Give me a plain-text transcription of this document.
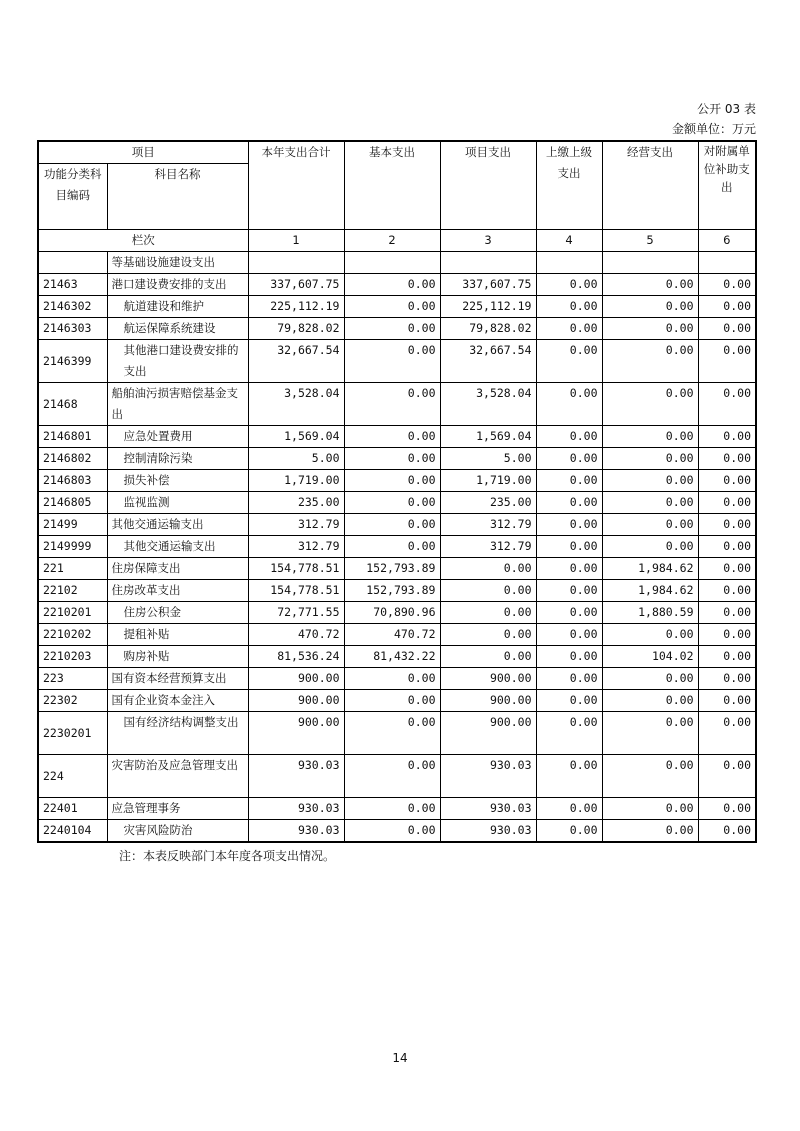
公开 03 表
金额单位：万元
项目		本年支出合计	基本支出	项目支出	上缴上级支出	经营支出	对附属单位补助支出
功能分类科目编码	科目名称						
栏次		1	2	3	4	5	6
	等基础设施建设支出						
21463	港口建设费安排的支出	337,607.75	0.00	337,607.75	0.00	0.00	0.00
2146302	航道建设和维护	225,112.19	0.00	225,112.19	0.00	0.00	0.00
2146303	航运保障系统建设	79,828.02	0.00	79,828.02	0.00	0.00	0.00
2146399	其他港口建设费安排的支出	32,667.54	0.00	32,667.54	0.00	0.00	0.00
21468	船舶油污损害赔偿基金支出	3,528.04	0.00	3,528.04	0.00	0.00	0.00
2146801	应急处置费用	1,569.04	0.00	1,569.04	0.00	0.00	0.00
2146802	控制清除污染	5.00	0.00	5.00	0.00	0.00	0.00
2146803	损失补偿	1,719.00	0.00	1,719.00	0.00	0.00	0.00
2146805	监视监测	235.00	0.00	235.00	0.00	0.00	0.00
21499	其他交通运输支出	312.79	0.00	312.79	0.00	0.00	0.00
2149999	其他交通运输支出	312.79	0.00	312.79	0.00	0.00	0.00
221	住房保障支出	154,778.51	152,793.89	0.00	0.00	1,984.62	0.00
22102	住房改革支出	154,778.51	152,793.89	0.00	0.00	1,984.62	0.00
2210201	住房公积金	72,771.55	70,890.96	0.00	0.00	1,880.59	0.00
2210202	提租补贴	470.72	470.72	0.00	0.00	0.00	0.00
2210203	购房补贴	81,536.24	81,432.22	0.00	0.00	104.02	0.00
223	国有资本经营预算支出	900.00	0.00	900.00	0.00	0.00	0.00
22302	国有企业资本金注入	900.00	0.00	900.00	0.00	0.00	0.00
2230201	国有经济结构调整支出	900.00	0.00	900.00	0.00	0.00	0.00
224	灾害防治及应急管理支出	930.03	0.00	930.03	0.00	0.00	0.00
22401	应急管理事务	930.03	0.00	930.03	0.00	0.00	0.00
2240104	灾害风险防治	930.03	0.00	930.03	0.00	0.00	0.00
注：本表反映部门本年度各项支出情况。
14
